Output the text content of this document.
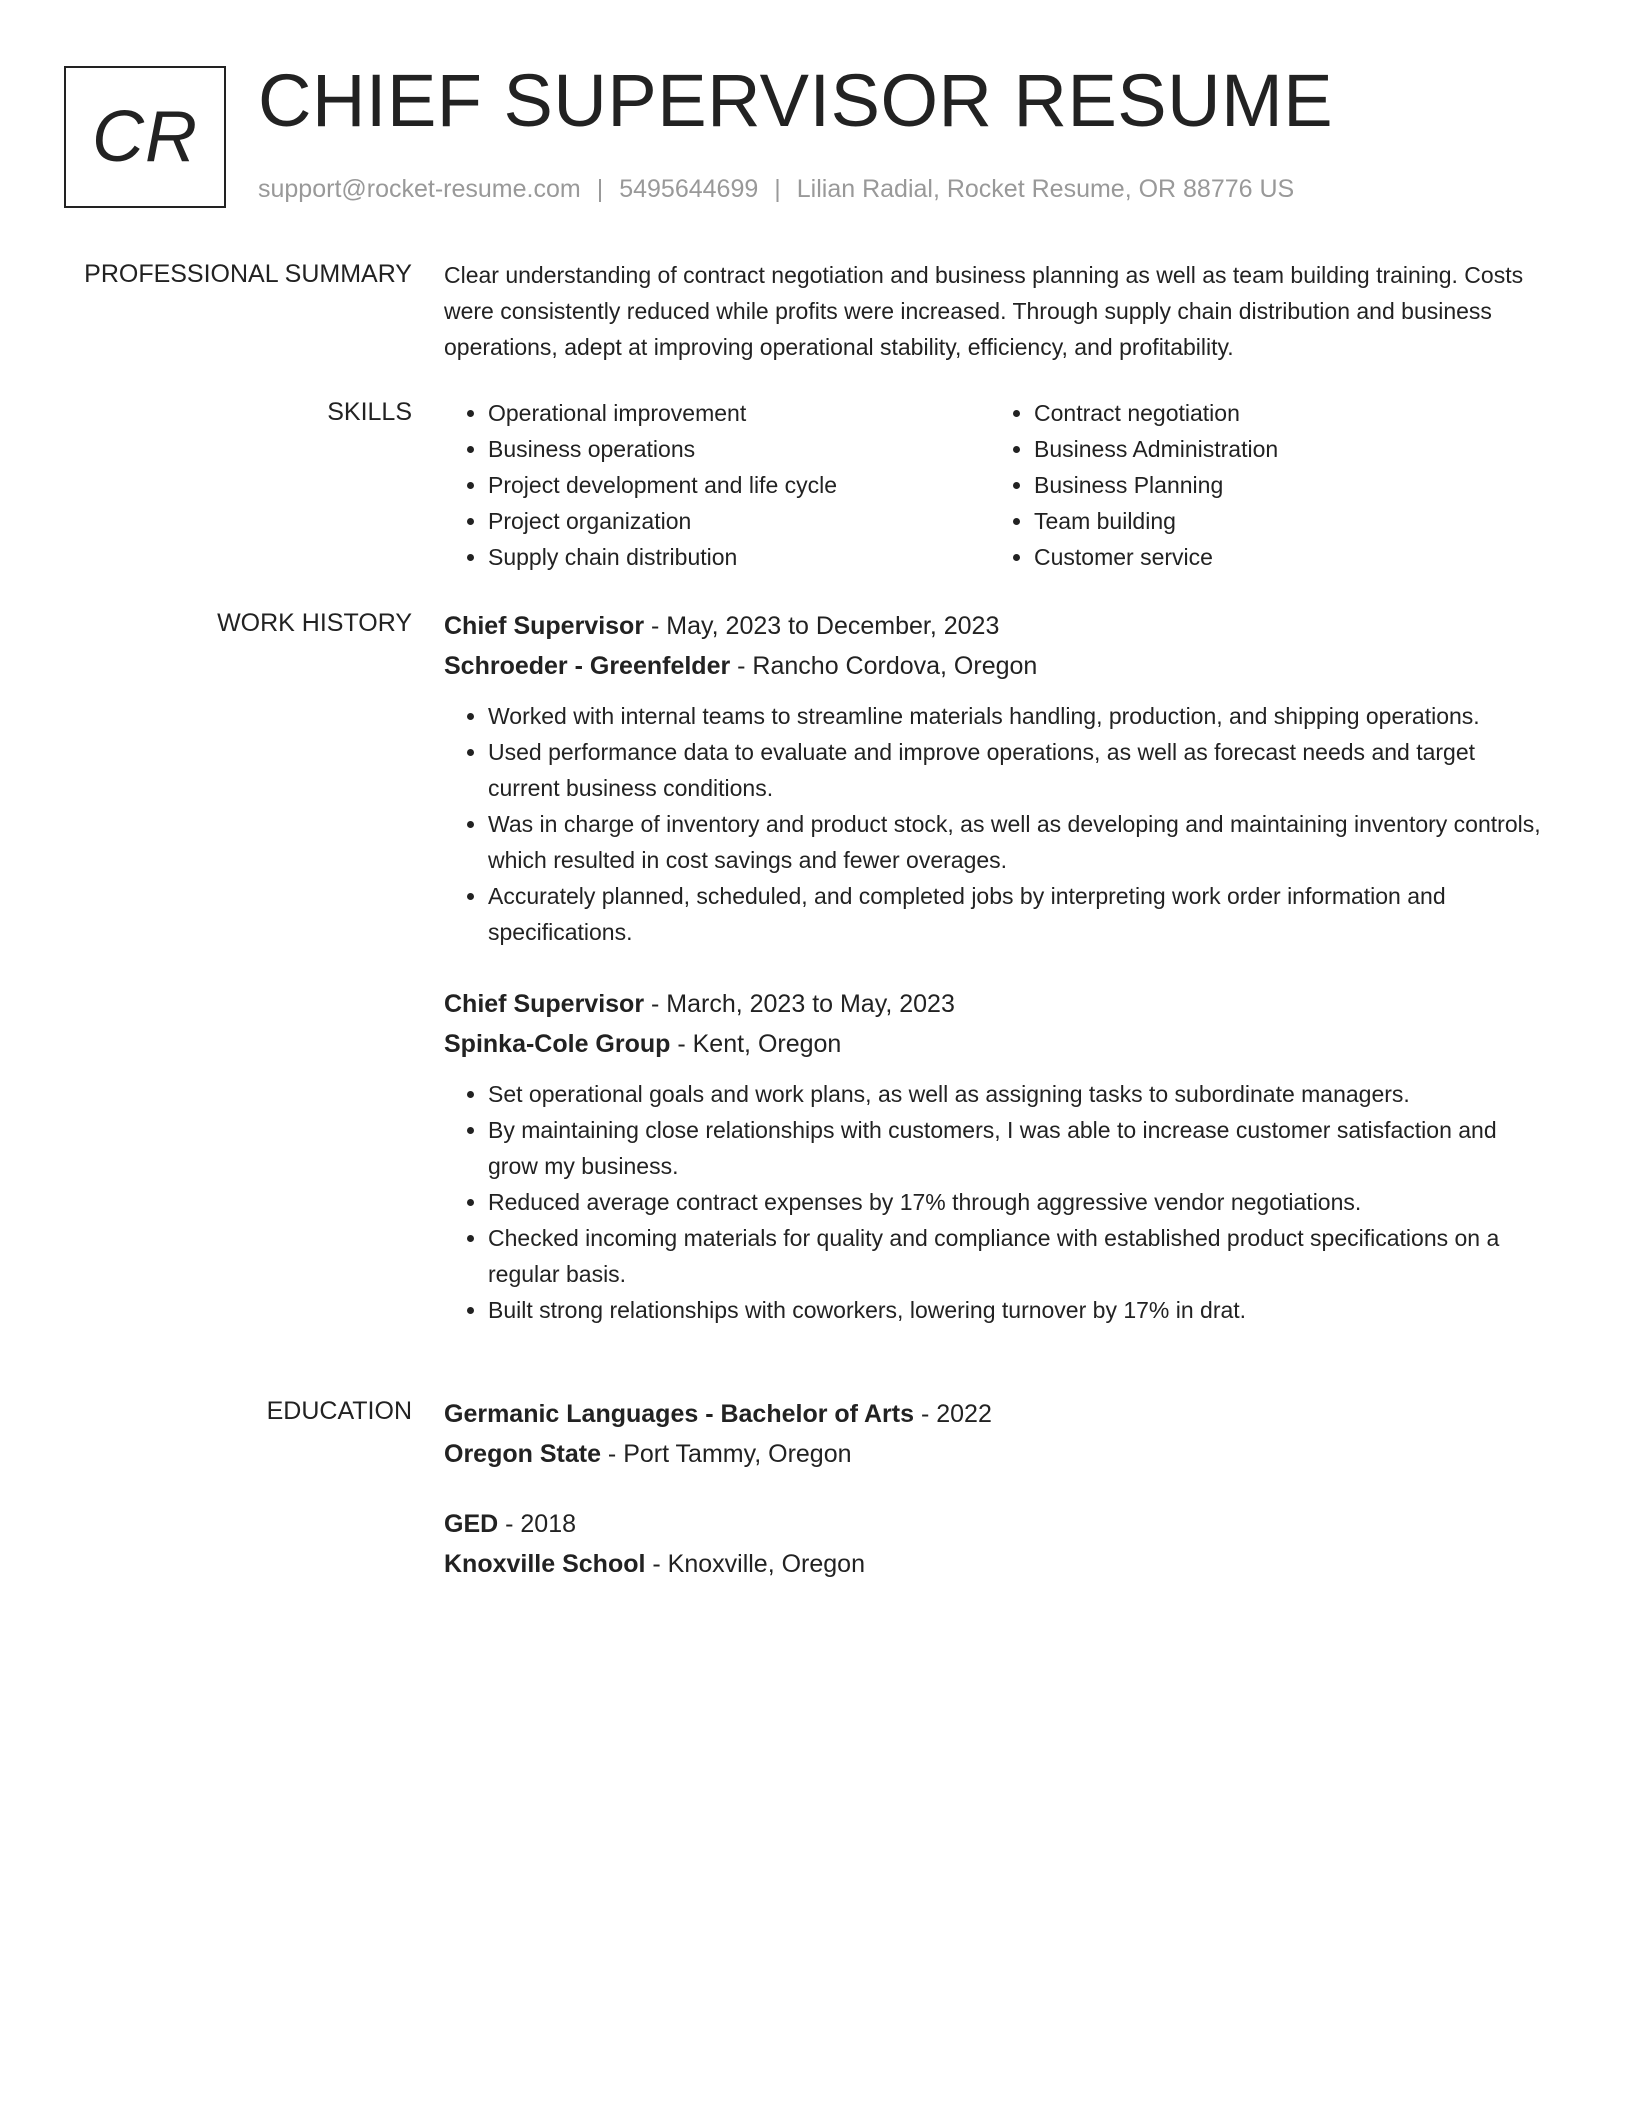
CR CHIEF SUPERVISOR RESUME
support@rocket-resume.com | 5495644699 | Lilian Radial, Rocket Resume, OR 88776 US
PROFESSIONAL SUMMARY Clear understanding of contract negotiation and business planning as well as team building training. Costs were consistently reduced while profits were increased. Through supply chain distribution and business operations, adept at improving operational stability, efficiency, and profitability.

SKILLS
•	Operational improvement
• Business operations
• Project development and life cycle
• Project organization
• Supply chain distribution
• Contract negotiation
• Business Administration
• Business Planning
• Team building
• Customer service
WORK HISTORY Chief Supervisor - May, 2023 to December, 2023
Schroeder - Greenfelder - Rancho Cordova, Oregon
• Worked with internal teams to streamline materials handling, production, and shipping operations.
• Used performance data to evaluate and improve operations, as well as forecast needs and target current business conditions.
• Was in charge of inventory and product stock, as well as developing and maintaining inventory controls, which resulted in cost savings and fewer overages.
• Accurately planned, scheduled, and completed jobs by interpreting work order information and specifications.
Chief Supervisor - March, 2023 to May, 2023
Spinka-Cole Group - Kent, Oregon
• Set operational goals and work plans, as well as assigning tasks to subordinate managers.
• By maintaining close relationships with customers, I was able to increase customer satisfaction and grow my business.
• Reduced average contract expenses by 17% through aggressive vendor negotiations.
• Checked incoming materials for quality and compliance with established product specifications on a regular basis.
• Built strong relationships with coworkers, lowering turnover by 17% in drat.
EDUCATION Germanic Languages - Bachelor of Arts - 2022
Oregon State - Port Tammy, Oregon
GED - 2018
Knoxville School - Knoxville, Oregon
